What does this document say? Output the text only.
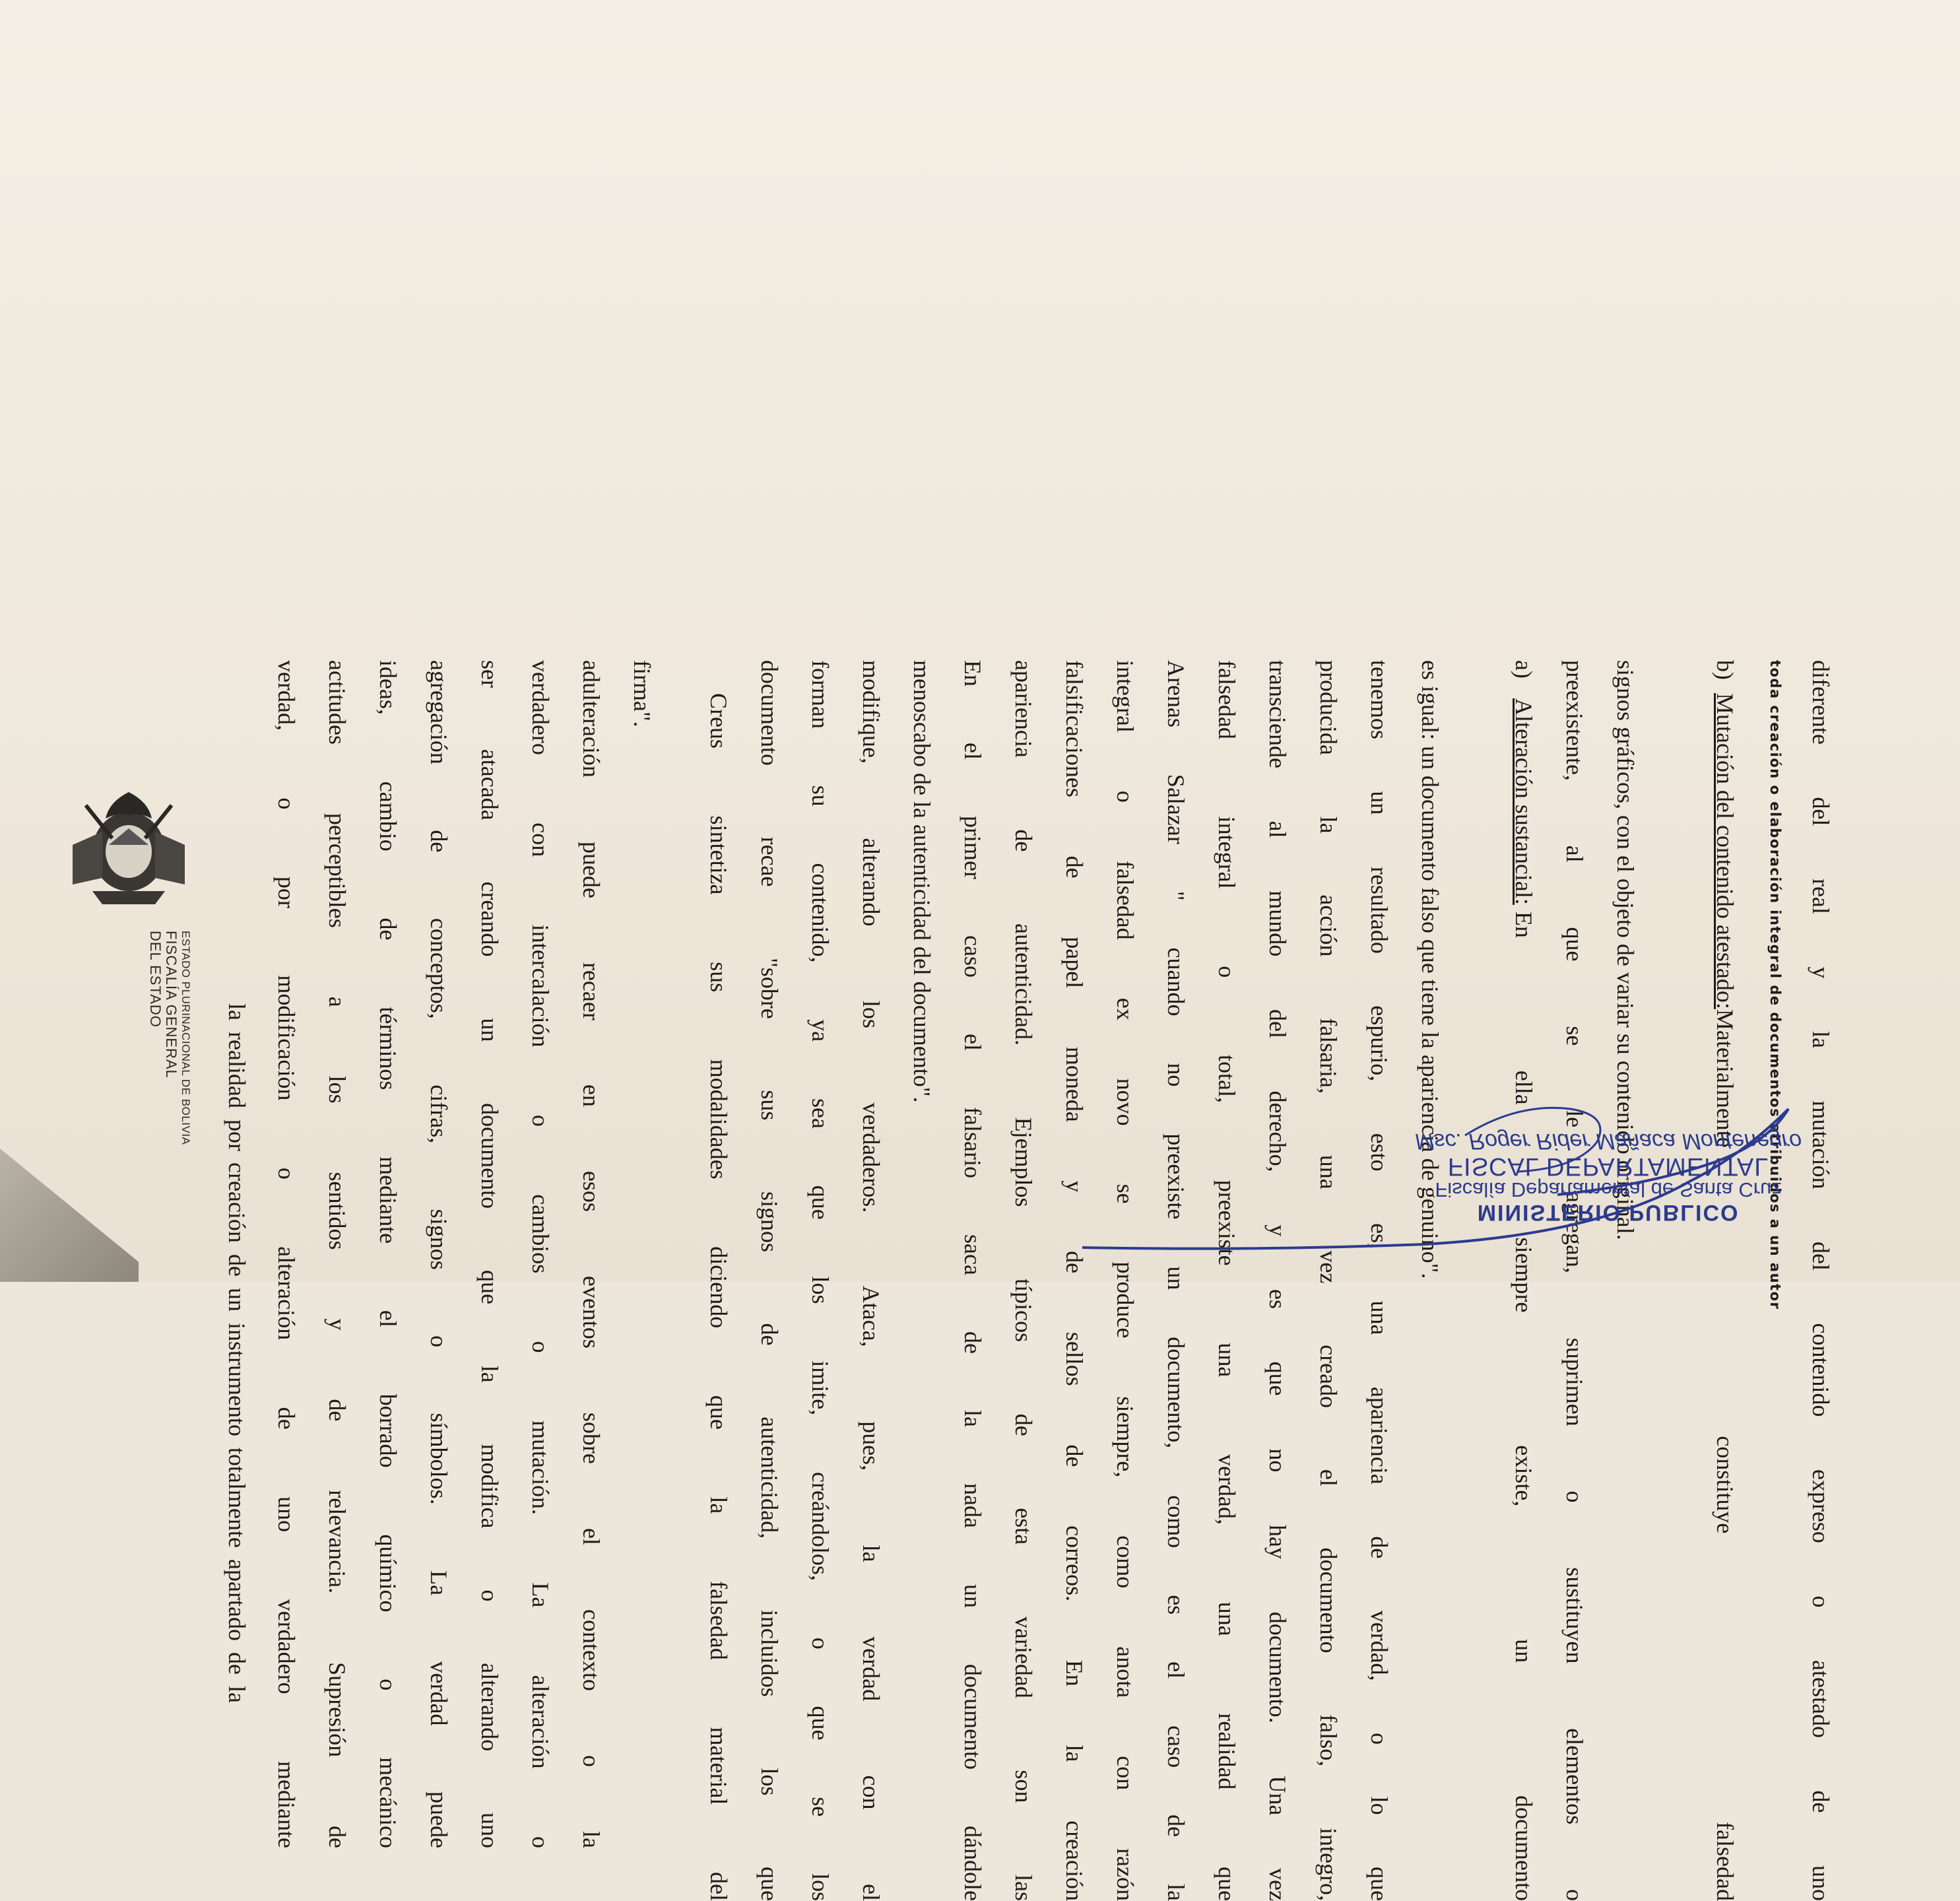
ESTADO PLURINACIONAL DE BOLIVIA
FISCALÍA GENERAL
DEL ESTADO
la realidad por creación de un instrumento totalmente apartado de la verdad, o por modificación o alteración de uno verdadero mediante actitudes perceptibles a los sentidos y de relevancia. Supresión de ideas, cambio de términos mediante el borrado químico o mecánico agregación de conceptos, cifras, signos o símbolos. La verdad puede ser atacada creando un documento que la modifica o alterando uno verdadero con intercalación o cambios o mutación. La alteración o adulteración puede recaer en esos eventos sobre el contexto o la firma". Creus sintetiza sus modalidades diciendo que la falsedad material del documento recae "sobre sus signos de autenticidad, incluidos los que forman su contenido, ya sea que los imite, creándolos, o que se los modifique, alterando los verdaderos. Ataca, pues, la verdad con el menoscabo de la autenticidad del documento". En el primer caso el falsario saca de la nada un documento dándole apariencia de autenticidad. Ejemplos típicos de esta variedad son las falsificaciones de papel moneda y de sellos de correos. En la creación integral o falsedad ex novo se produce siempre, como anota con razón Arenas Salazar " cuando no preexiste un documento, como es el caso de la falsedad integral o total, preexiste una verdad, una realidad que transciende al mundo del derecho, y es que no hay documento. Una vez producida la acción falsaria, una vez creado el documento falso, integro, tenemos un resultado espurio, esto es, una apariencia de verdad, o lo que es igual: un documento falso que tiene la apariencia de genuino".	a)
Alteración sustancial:
En ella siempre existe, un documento preexistente, al que se le agregan, suprimen o sustituyen elementos o signos gráficos, con el objeto de variar su contenido original.	b)
Mutación del contenido atestado:
Materialmente constituye falsedad
toda creación o elaboración integral de documentos atribuidos a un autor diferente del real y la mutación del contenido expreso o atestado de uno
MINISTERIO PUBLICO
Fiscalía Departamental de Santa Cruz
FISCAL DEPARTAMENTAL
Msc. Roger Rider Mañaca Montenegro
